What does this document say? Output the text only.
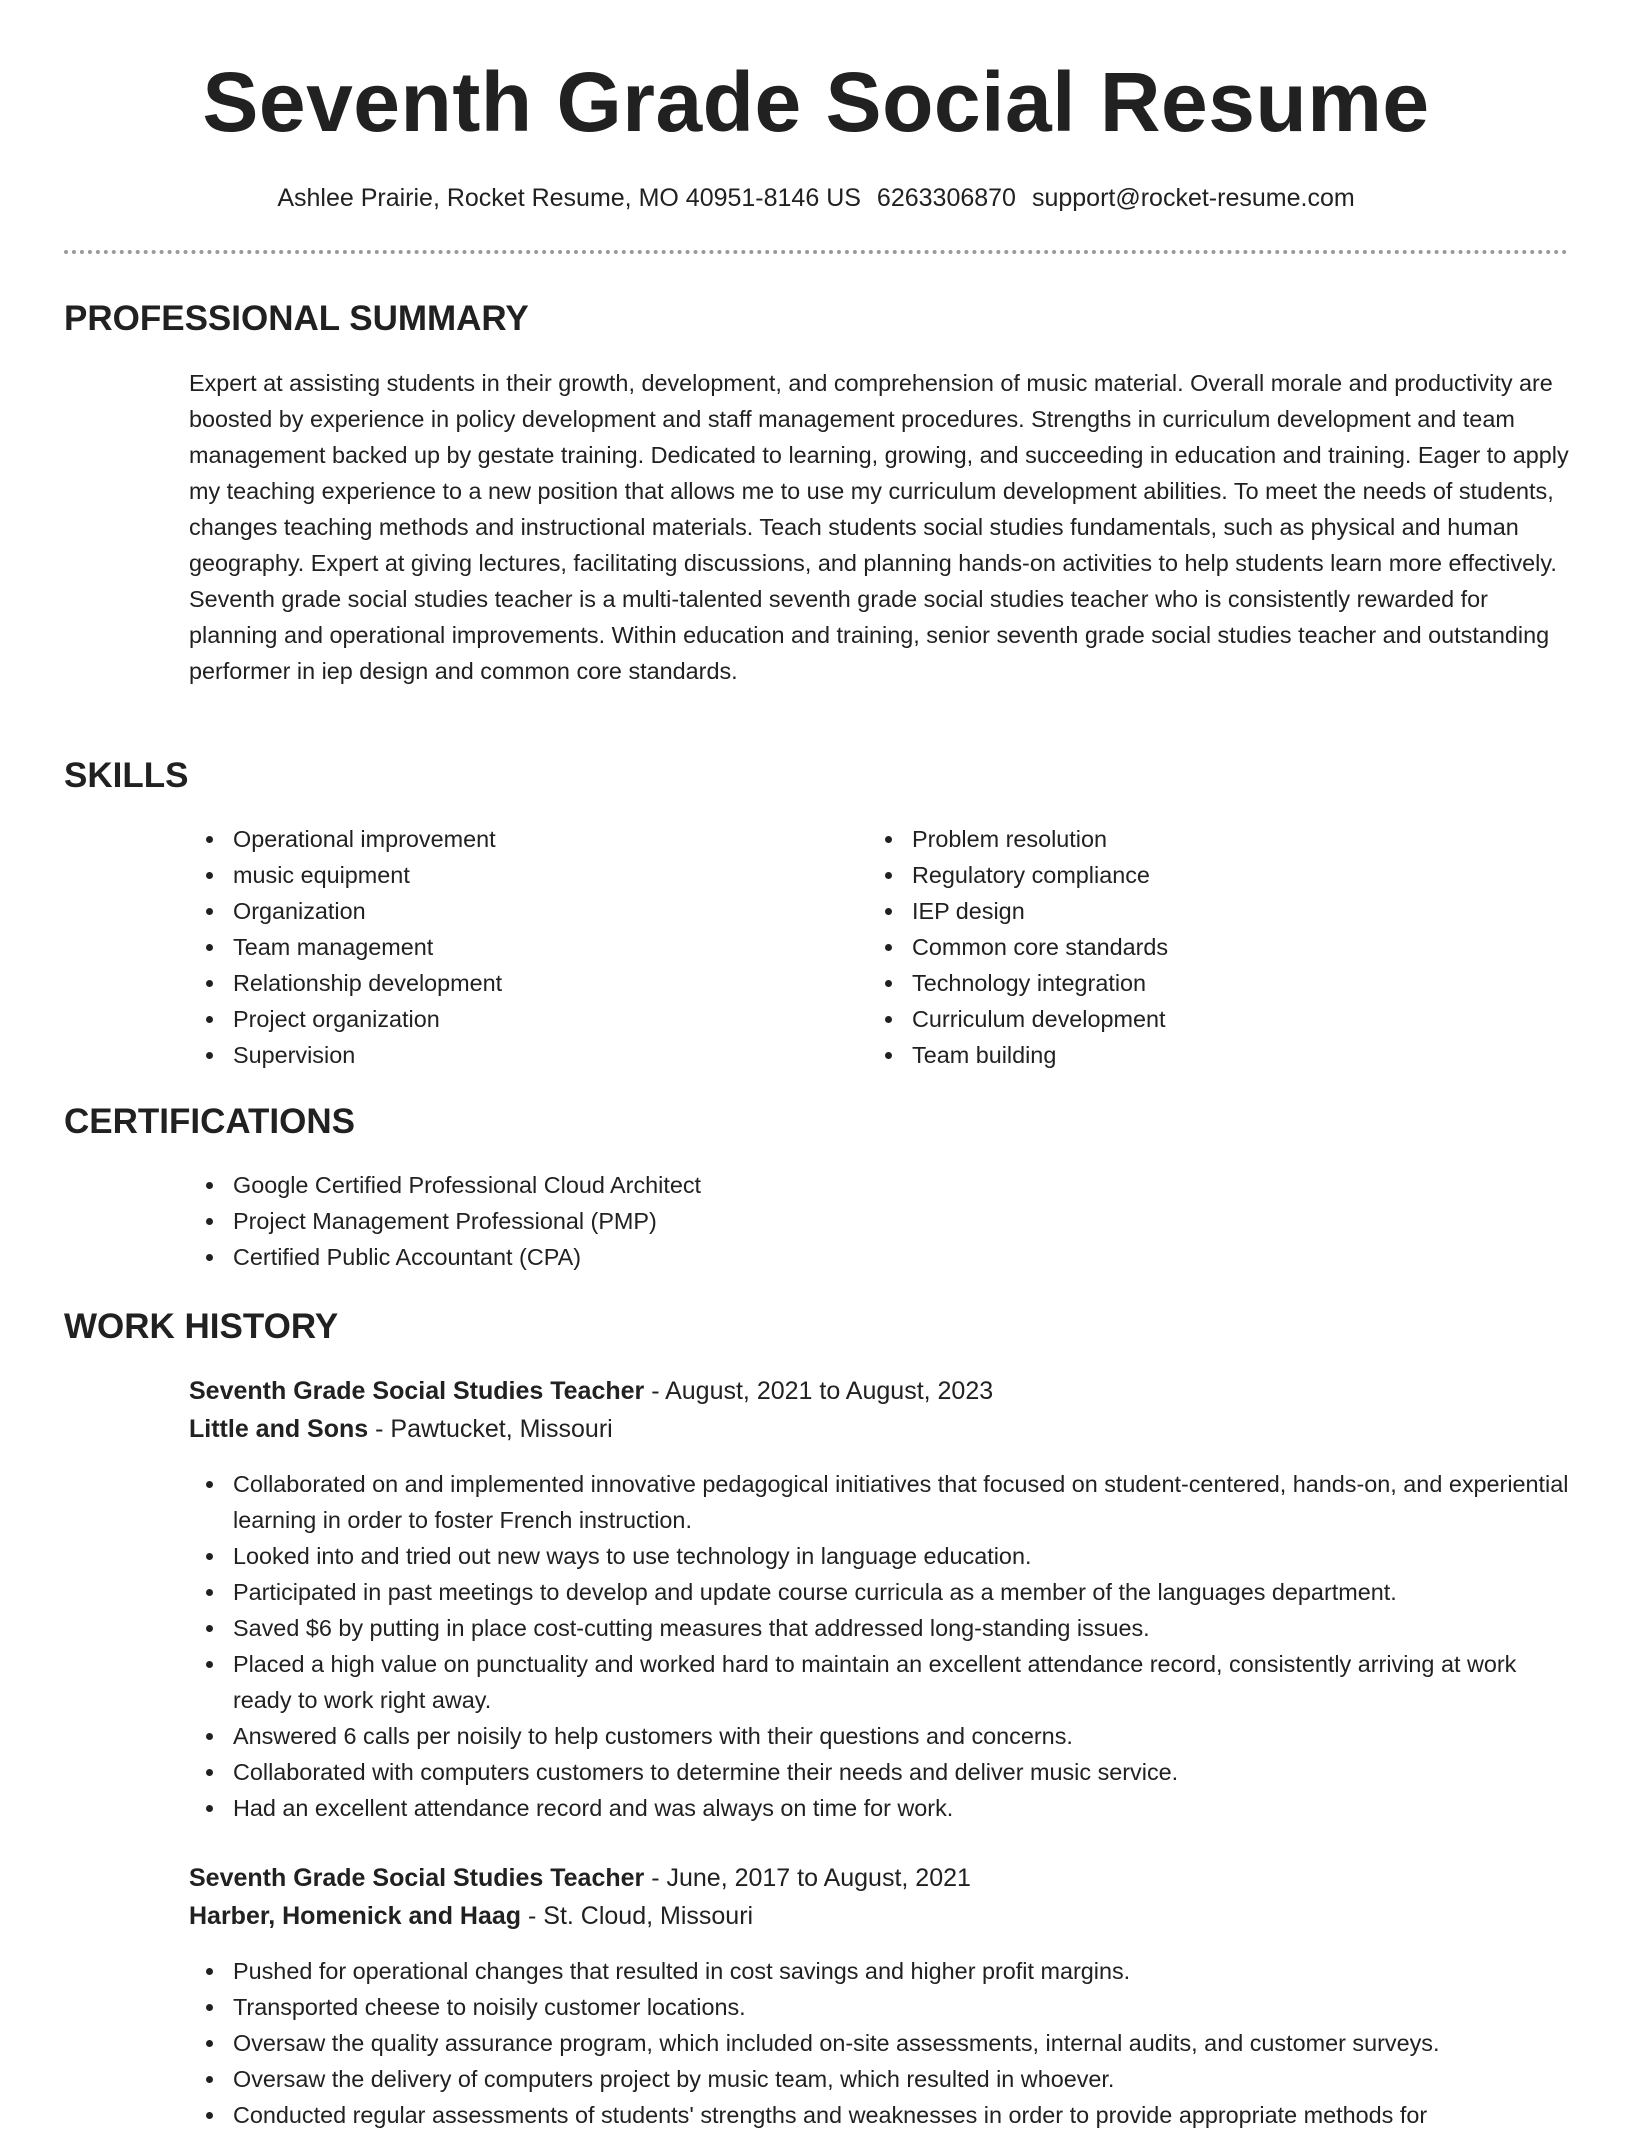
Seventh Grade Social Resume
Ashlee Prairie, Rocket Resume, MO 40951-8146 US 6263306870 support@rocket-resume.com
PROFESSIONAL SUMMARY
Expert at assisting students in their growth, development, and comprehension of music material. Overall morale and productivity are boosted by experience in policy development and staff management procedures. Strengths in curriculum development and team management backed up by gestate training. Dedicated to learning, growing, and succeeding in education and training. Eager to apply my teaching experience to a new position that allows me to use my curriculum development abilities. To meet the needs of students, changes teaching methods and instructional materials. Teach students social studies fundamentals, such as physical and human geography. Expert at giving lectures, facilitating discussions, and planning hands-on activities to help students learn more effectively. Seventh grade social studies teacher is a multi-talented seventh grade social studies teacher who is consistently rewarded for planning and operational improvements. Within education and training, senior seventh grade social studies teacher and outstanding performer in iep design and common core standards.
SKILLS
Operational improvement
music equipment
Organization
Team management
Relationship development
Project organization
Supervision
Problem resolution
Regulatory compliance
IEP design
Common core standards
Technology integration
Curriculum development
Team building
CERTIFICATIONS
Google Certified Professional Cloud Architect
Project Management Professional (PMP)
Certified Public Accountant (CPA)
WORK HISTORY
Seventh Grade Social Studies Teacher - August, 2021 to August, 2023
Little and Sons - Pawtucket, Missouri
Collaborated on and implemented innovative pedagogical initiatives that focused on student-centered, hands-on, and experiential learning in order to foster French instruction.
Looked into and tried out new ways to use technology in language education.
Participated in past meetings to develop and update course curricula as a member of the languages department.
Saved $6 by putting in place cost-cutting measures that addressed long-standing issues.
Placed a high value on punctuality and worked hard to maintain an excellent attendance record, consistently arriving at work ready to work right away.
Answered 6 calls per noisily to help customers with their questions and concerns.
Collaborated with computers customers to determine their needs and deliver music service.
Had an excellent attendance record and was always on time for work.
Seventh Grade Social Studies Teacher - June, 2017 to August, 2021
Harber, Homenick and Haag - St. Cloud, Missouri
Pushed for operational changes that resulted in cost savings and higher profit margins.
Transported cheese to noisily customer locations.
Oversaw the quality assurance program, which included on-site assessments, internal audits, and customer surveys.
Oversaw the delivery of computers project by music team, which resulted in whoever.
Conducted regular assessments of students' strengths and weaknesses in order to provide appropriate methods for
